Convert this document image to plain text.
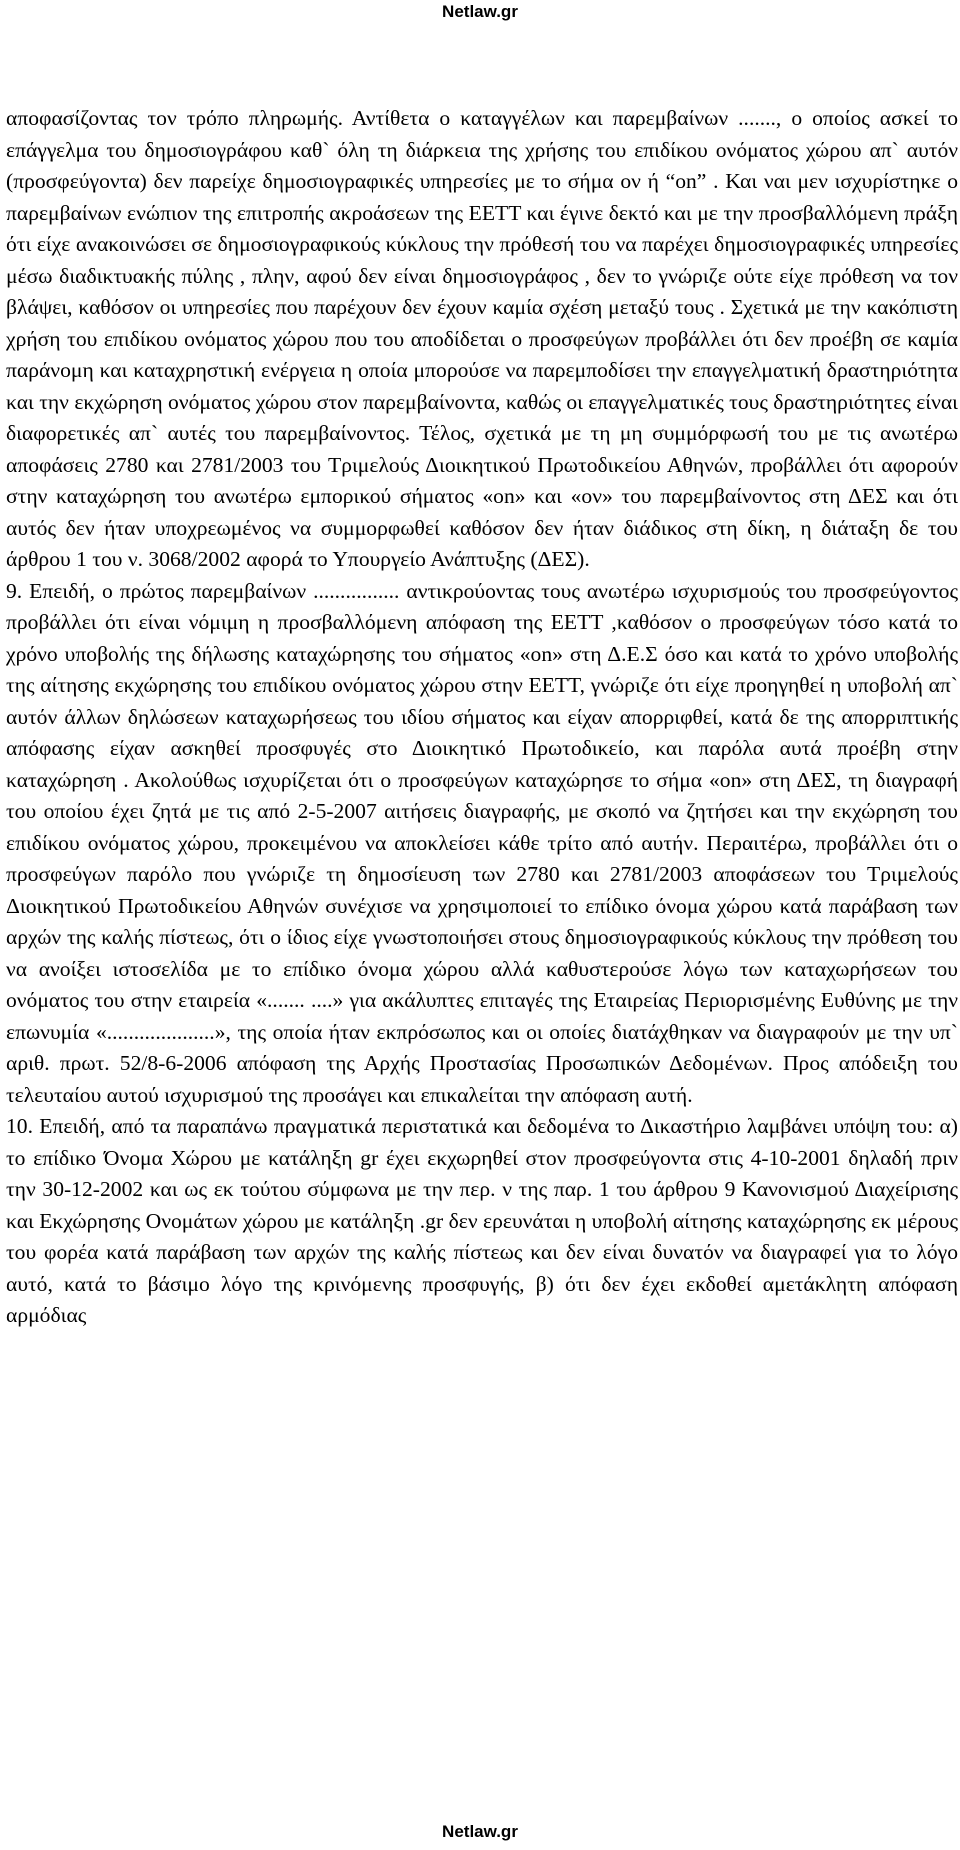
Netlaw.gr

αποφασίζοντας τον τρόπο πληρωμής. Αντίθετα ο καταγγέλων και παρεμβαίνων ......., ο οποίος ασκεί το επάγγελμα του δημοσιογράφου καθ` όλη τη διάρκεια της χρήσης του επιδίκου ονόματος χώρου απ` αυτόν (προσφεύγοντα) δεν παρείχε δημοσιογραφικές υπηρεσίες με το σήμα ον ή “on” . Και ναι μεν ισχυρίστηκε ο παρεμβαίνων ενώπιον της επιτροπής ακροάσεων της ΕΕΤΤ και έγινε δεκτό και με την προσβαλλόμενη πράξη ότι είχε ανακοινώσει σε δημοσιογραφικούς κύκλους την πρόθεσή του να παρέχει δημοσιογραφικές υπηρεσίες μέσω διαδικτυακής πύλης , πλην, αφού δεν είναι δημοσιογράφος , δεν το γνώριζε ούτε είχε πρόθεση να τον βλάψει, καθόσον οι υπηρεσίες που παρέχουν δεν έχουν καμία σχέση μεταξύ τους . Σχετικά με την κακόπιστη χρήση του επιδίκου ονόματος χώρου που του αποδίδεται ο προσφεύγων προβάλλει ότι δεν προέβη σε καμία παράνομη και καταχρηστική ενέργεια η οποία μπορούσε να παρεμποδίσει την επαγγελματική δραστηριότητα και την εκχώρηση ονόματος χώρου στον παρεμβαίνοντα, καθώς οι επαγγελματικές τους δραστηριότητες είναι διαφορετικές απ` αυτές του παρεμβαίνοντος. Τέλος, σχετικά με τη μη συμμόρφωσή του με τις ανωτέρω αποφάσεις 2780 και 2781/2003 του Τριμελούς Διοικητικού Πρωτοδικείου Αθηνών, προβάλλει ότι αφορούν στην καταχώρηση του ανωτέρω εμπορικού σήματος «on» και «ον» του παρεμβαίνοντος στη ΔΕΣ και ότι αυτός δεν ήταν υποχρεωμένος να συμμορφωθεί καθόσον δεν ήταν διάδικος στη δίκη, η διάταξη δε του άρθρου 1 του ν. 3068/2002 αφορά το Υπουργείο Ανάπτυξης (ΔΕΣ).

9. Επειδή, ο πρώτος παρεμβαίνων ................ αντικρούοντας τους ανωτέρω ισχυρισμούς του προσφεύγοντος προβάλλει ότι είναι νόμιμη η προσβαλλόμενη απόφαση της ΕΕΤΤ ,καθόσον ο προσφεύγων τόσο κατά το χρόνο υποβολής της δήλωσης καταχώρησης του σήματος «on» στη Δ.Ε.Σ όσο και κατά το χρόνο υποβολής της αίτησης εκχώρησης του επιδίκου ονόματος χώρου στην ΕΕΤΤ, γνώριζε ότι είχε προηγηθεί η υποβολή απ` αυτόν άλλων δηλώσεων καταχωρήσεως του ιδίου σήματος και είχαν απορριφθεί, κατά δε της απορριπτικής απόφασης είχαν ασκηθεί προσφυγές στο Διοικητικό Πρωτοδικείο, και παρόλα αυτά προέβη στην καταχώρηση . Ακολούθως ισχυρίζεται ότι ο προσφεύγων καταχώρησε το σήμα «on» στη ΔΕΣ, τη διαγραφή του οποίου έχει ζητά με τις από 2-5-2007 αιτήσεις διαγραφής, με σκοπό να ζητήσει και την εκχώρηση του επιδίκου ονόματος χώρου, προκειμένου να αποκλείσει κάθε τρίτο από αυτήν. Περαιτέρω, προβάλλει ότι ο προσφεύγων παρόλο που γνώριζε τη δημοσίευση των 2780 και 2781/2003 αποφάσεων του Τριμελούς Διοικητικού Πρωτοδικείου Αθηνών συνέχισε να χρησιμοποιεί το επίδικο όνομα χώρου κατά παράβαση των αρχών της καλής πίστεως, ότι ο ίδιος είχε γνωστοποιήσει στους δημοσιογραφικούς κύκλους την πρόθεση του να ανοίξει ιστοσελίδα με το επίδικο όνομα χώρου αλλά καθυστερούσε λόγω των καταχωρήσεων του ονόματος του στην εταιρεία «....... ....» για ακάλυπτες επιταγές της Εταιρείας Περιορισμένης Ευθύνης με την επωνυμία «....................», της οποία ήταν εκπρόσωπος και οι οποίες διατάχθηκαν να διαγραφούν με την υπ` αριθ. πρωτ. 52/8-6-2006 απόφαση της Αρχής Προστασίας Προσωπικών Δεδομένων. Προς απόδειξη του τελευταίου αυτού ισχυρισμού της προσάγει και επικαλείται την απόφαση αυτή.

10. Επειδή, από τα παραπάνω πραγματικά περιστατικά και δεδομένα το Δικαστήριο λαμβάνει υπόψη του: α) το επίδικο Όνομα Χώρου με κατάληξη gr έχει εκχωρηθεί στον προσφεύγοντα στις 4-10-2001 δηλαδή πριν την 30-12-2002 και ως εκ τούτου σύμφωνα με την περ. ν της παρ. 1 του άρθρου 9 Κανονισμού Διαχείρισης και Εκχώρησης Ονομάτων χώρου με κατάληξη .gr δεν ερευνάται η υποβολή αίτησης καταχώρησης εκ μέρους του φορέα κατά παράβαση των αρχών της καλής πίστεως και δεν είναι δυνατόν να διαγραφεί για το λόγο αυτό, κατά το βάσιμο λόγο της κρινόμενης προσφυγής, β) ότι δεν έχει εκδοθεί αμετάκλητη απόφαση αρμόδιας

Netlaw.gr
